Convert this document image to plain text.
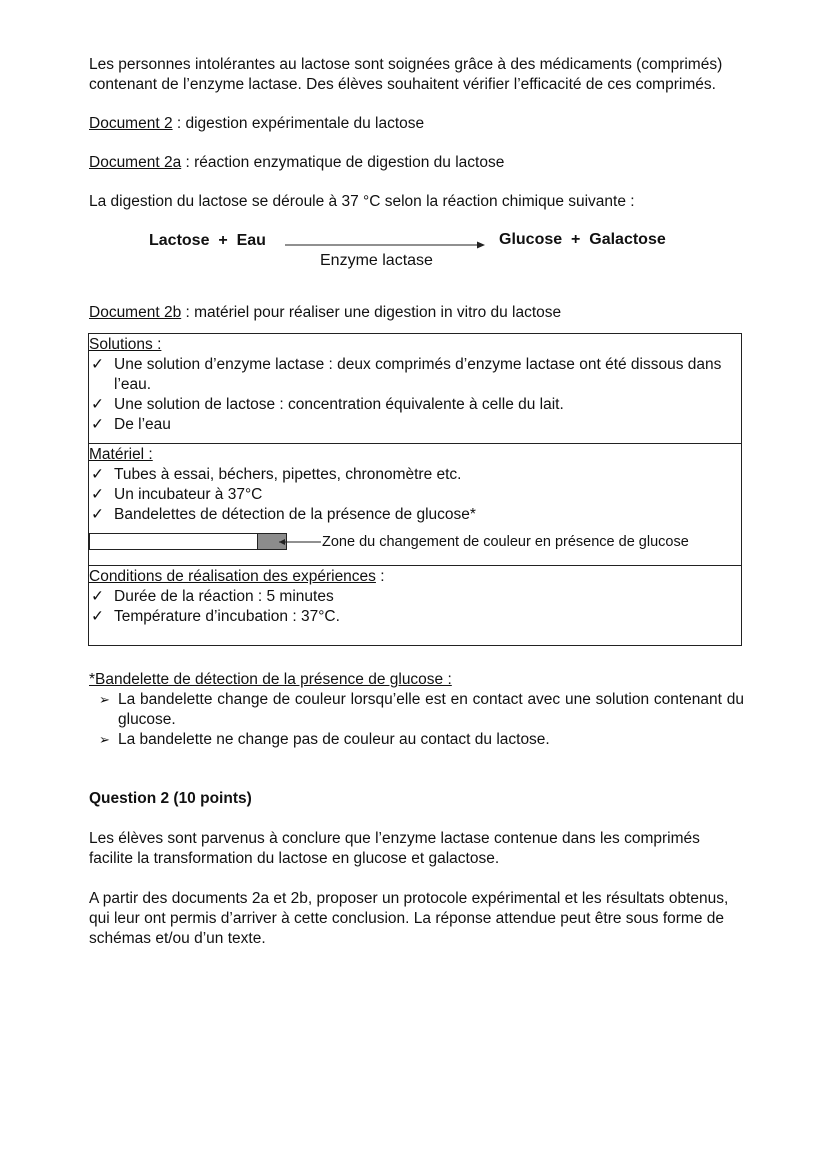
Les personnes intolérantes au lactose sont soignées grâce à des médicaments (comprimés) contenant de l’enzyme lactase. Des élèves souhaitent vérifier l’efficacité de ces comprimés.

Document 2 : digestion expérimentale du lactose

Document 2a : réaction enzymatique de digestion du lactose

La digestion du lactose se déroule à 37 °C selon la réaction chimique suivante :

Lactose  +  Eau	Glucose  +  Galactose
Enzyme lactase

Document 2b : matériel pour réaliser une digestion in vitro du lactose

Solutions :
✓ Une solution d’enzyme lactase : deux comprimés d’enzyme lactase ont été dissous dans l’eau.
✓ Une solution de lactose : concentration équivalente à celle du lait.
✓ De l’eau
Matériel :
✓ Tubes à essai, béchers, pipettes, chronomètre etc.
✓ Un incubateur à 37°C
✓ Bandelettes de détection de la présence de glucose*
Zone du changement de couleur en présence de glucose
Conditions de réalisation des expériences :
✓ Durée de la réaction : 5 minutes
✓ Température d’incubation : 37°C.
*Bandelette de détection de la présence de glucose :
➢ La bandelette change de couleur lorsqu’elle est en contact avec une solution contenant du glucose.
➢ La bandelette ne change pas de couleur au contact du lactose.

Question 2 (10 points)

Les élèves sont parvenus à conclure que l’enzyme lactase contenue dans les comprimés facilite la transformation du lactose en glucose et galactose.

A partir des documents 2a et 2b, proposer un protocole expérimental et les résultats obtenus, qui leur ont permis d’arriver à cette conclusion. La réponse attendue peut être sous forme de schémas et/ou d’un texte.
